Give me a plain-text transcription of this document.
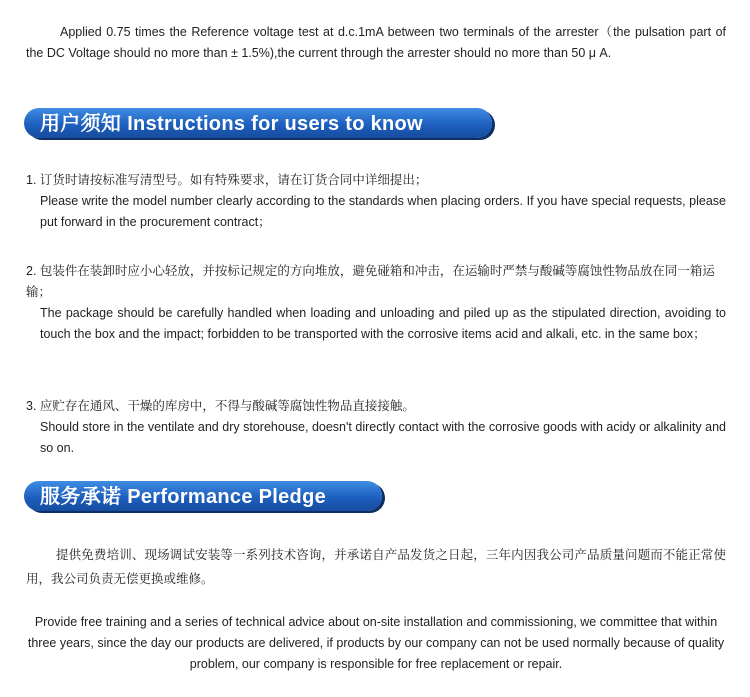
Applied 0.75 times the Reference voltage test at d.c.1mA between two terminals of the arrester（the pulsation part of the DC Voltage should no more than ± 1.5%),the current through the arrester should no more than 50 μ A.

用户须知 Instructions for users to know
1. 订货时请按标准写清型号。如有特殊要求，请在订货合同中详细提出；
Please write the model number clearly according to the standards when placing orders. If you have special requests, please put forward in the procurement contract；
2. 包装件在装卸时应小心轻放，并按标记规定的方向堆放，避免碰箱和冲击，在运输时严禁与酸碱等腐蚀性物品放在同一箱运输；
The package should be carefully handled when loading and unloading and piled up as the stipulated direction, avoiding to touch the box and the impact; forbidden to be transported with the corrosive items acid and alkali, etc. in the same box；
3. 应贮存在通风、干燥的库房中，不得与酸碱等腐蚀性物品直接接触。
Should store in the ventilate and dry storehouse, doesn't directly contact with the corrosive goods with acidy or alkalinity and so on.
服务承诺 Performance Pledge
提供免费培训、现场调试安装等一系列技术咨询，并承诺自产品发货之日起，三年内因我公司产品质量问题而不能正常使用，我公司负责无偿更换或维修。
Provide free training and a series of technical advice about on-site installation and commissioning, we committee that within three years, since the day our products are delivered, if products by our company can not be used normally because of quality problem, our company is responsible for free replacement or repair.
